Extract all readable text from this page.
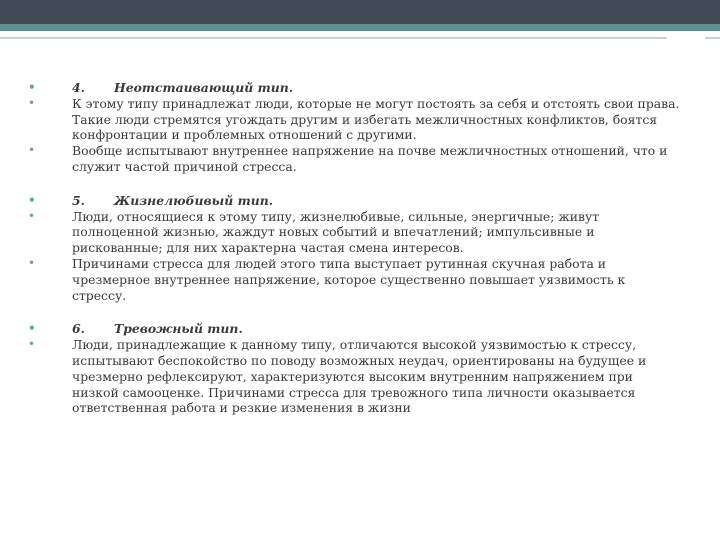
•	4. Неотстаивающий тип.
•	К этому типу принадлежат люди, которые не могут постоять за себя и отстоять свои права. Такие люди стремятся угождать другим и избегать межличностных конфликтов, боятся конфронтации и проблемных отношений с другими.
•	Вообще испытывают внутреннее напряжение на почве межличностных отношений, что и служит частой причиной стресса.
•	5. Жизнелюбивый тип.
•	Люди, относящиеся к этому типу, жизнелюбивые, сильные, энергичные; живут полноценной жизнью, жаждут новых событий и впечатлений; импульсивные и рискованные; для них характерна частая смена интересов.
•	Причинами стресса для людей этого типа выступает рутинная скучная работа и чрезмерное внутреннее напряжение, которое существенно повышает уязвимость к стрессу.
•	6. Тревожный тип.
•	Люди, принадлежащие к данному типу, отличаются высокой уязвимостью к стрессу, испытывают беспокойство по поводу возможных неудач, ориентированы на будущее и чрезмерно рефлексируют, характеризуются высоким внутренним напряжением при низкой самооценке. Причинами стресса для тревожного типа личности оказывается ответственная работа и резкие изменения в жизни
